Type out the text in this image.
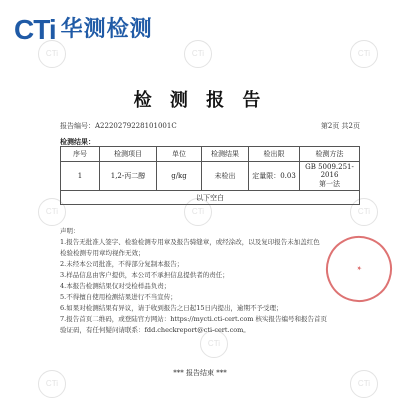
CTi	CTi	CTi
CTi	CTi	CTi
CTi
CTi
CTi
CTi 华测检测
检 测 报 告
报告编号：A2220279228101001C	第2页 共2页
检测结果：
序号	检测项目	单位	检测结果	检出限	检测方法
1	1,2-丙二醇	g/kg	未检出	定量限：0.03	GB 5009.251-2016
第一法

以下空白					
声明：
1.报告无批准人签字、检验检测专用章及报告骑缝章，或经涂改，以及复印报告未加盖红色
检验检测专用章均视作无效；
2.未经本公司批准，不得部分复制本报告；
3.样品信息由客户提供，本公司不承担信息提供者的责任；
4.本报告检测结果仅对受检样品负责；
5.不得擅自使用检测结果进行不当宣传；
6.如果对检测结果有异议，请于收到报告之日起15日内提出，逾期不予受理；
7.报告首页二维码，或登陆官方网站：https://mycti.cti-cert.com 核实报告编号和报告首页
验证码，有任何疑问请联系：fdd.checkreport@cti-cert.com。
★
*** 报告结束 ***
